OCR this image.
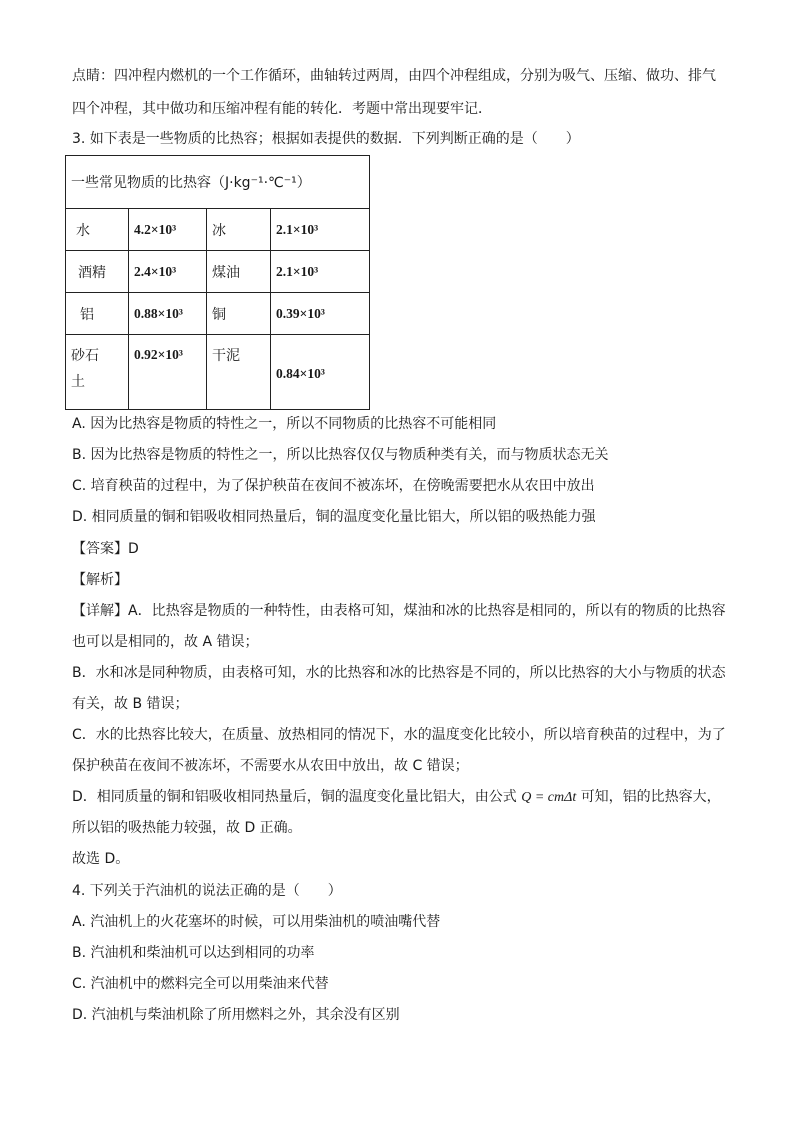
点睛：四冲程内燃机的一个工作循环，曲轴转过两周，由四个冲程组成，分别为吸气、压缩、做功、排气
四个冲程，其中做功和压缩冲程有能的转化．考题中常出现要牢记．
3. 如下表是一些物质的比热容；根据如表提供的数据．下列判断正确的是（　　）
一些常见物质的比热容（J·kg⁻¹·℃⁻¹）			
水	4.2×10³	冰	2.1×10³
酒精	2.4×10³	煤油	2.1×10³
铝	0.88×10³	铜	0.39×10³
砂石
土	0.92×10³	干泥	0.84×10³
A. 因为比热容是物质的特性之一，所以不同物质的比热容不可能相同
B. 因为比热容是物质的特性之一，所以比热容仅仅与物质种类有关，而与物质状态无关
C. 培育秧苗的过程中，为了保护秧苗在夜间不被冻坏，在傍晚需要把水从农田中放出
D. 相同质量的铜和铝吸收相同热量后，铜的温度变化量比铝大，所以铝的吸热能力强
【答案】D
【解析】
【详解】A．比热容是物质的一种特性，由表格可知，煤油和冰的比热容是相同的，所以有的物质的比热容
也可以是相同的，故 A 错误；
B．水和冰是同种物质，由表格可知，水的比热容和冰的比热容是不同的，所以比热容的大小与物质的状态
有关，故 B 错误；
C．水的比热容比较大，在质量、放热相同的情况下，水的温度变化比较小，所以培育秧苗的过程中，为了
保护秧苗在夜间不被冻坏，不需要水从农田中放出，故 C 错误；
D．相同质量的铜和铝吸收相同热量后，铜的温度变化量比铝大，由公式 Q = cmΔt 可知，铝的比热容大，
所以铝的吸热能力较强，故 D 正确。
故选 D。
4. 下列关于汽油机的说法正确的是（　　）
A. 汽油机上的火花塞坏的时候，可以用柴油机的喷油嘴代替
B. 汽油机和柴油机可以达到相同的功率
C. 汽油机中的燃料完全可以用柴油来代替
D. 汽油机与柴油机除了所用燃料之外，其余没有区别
